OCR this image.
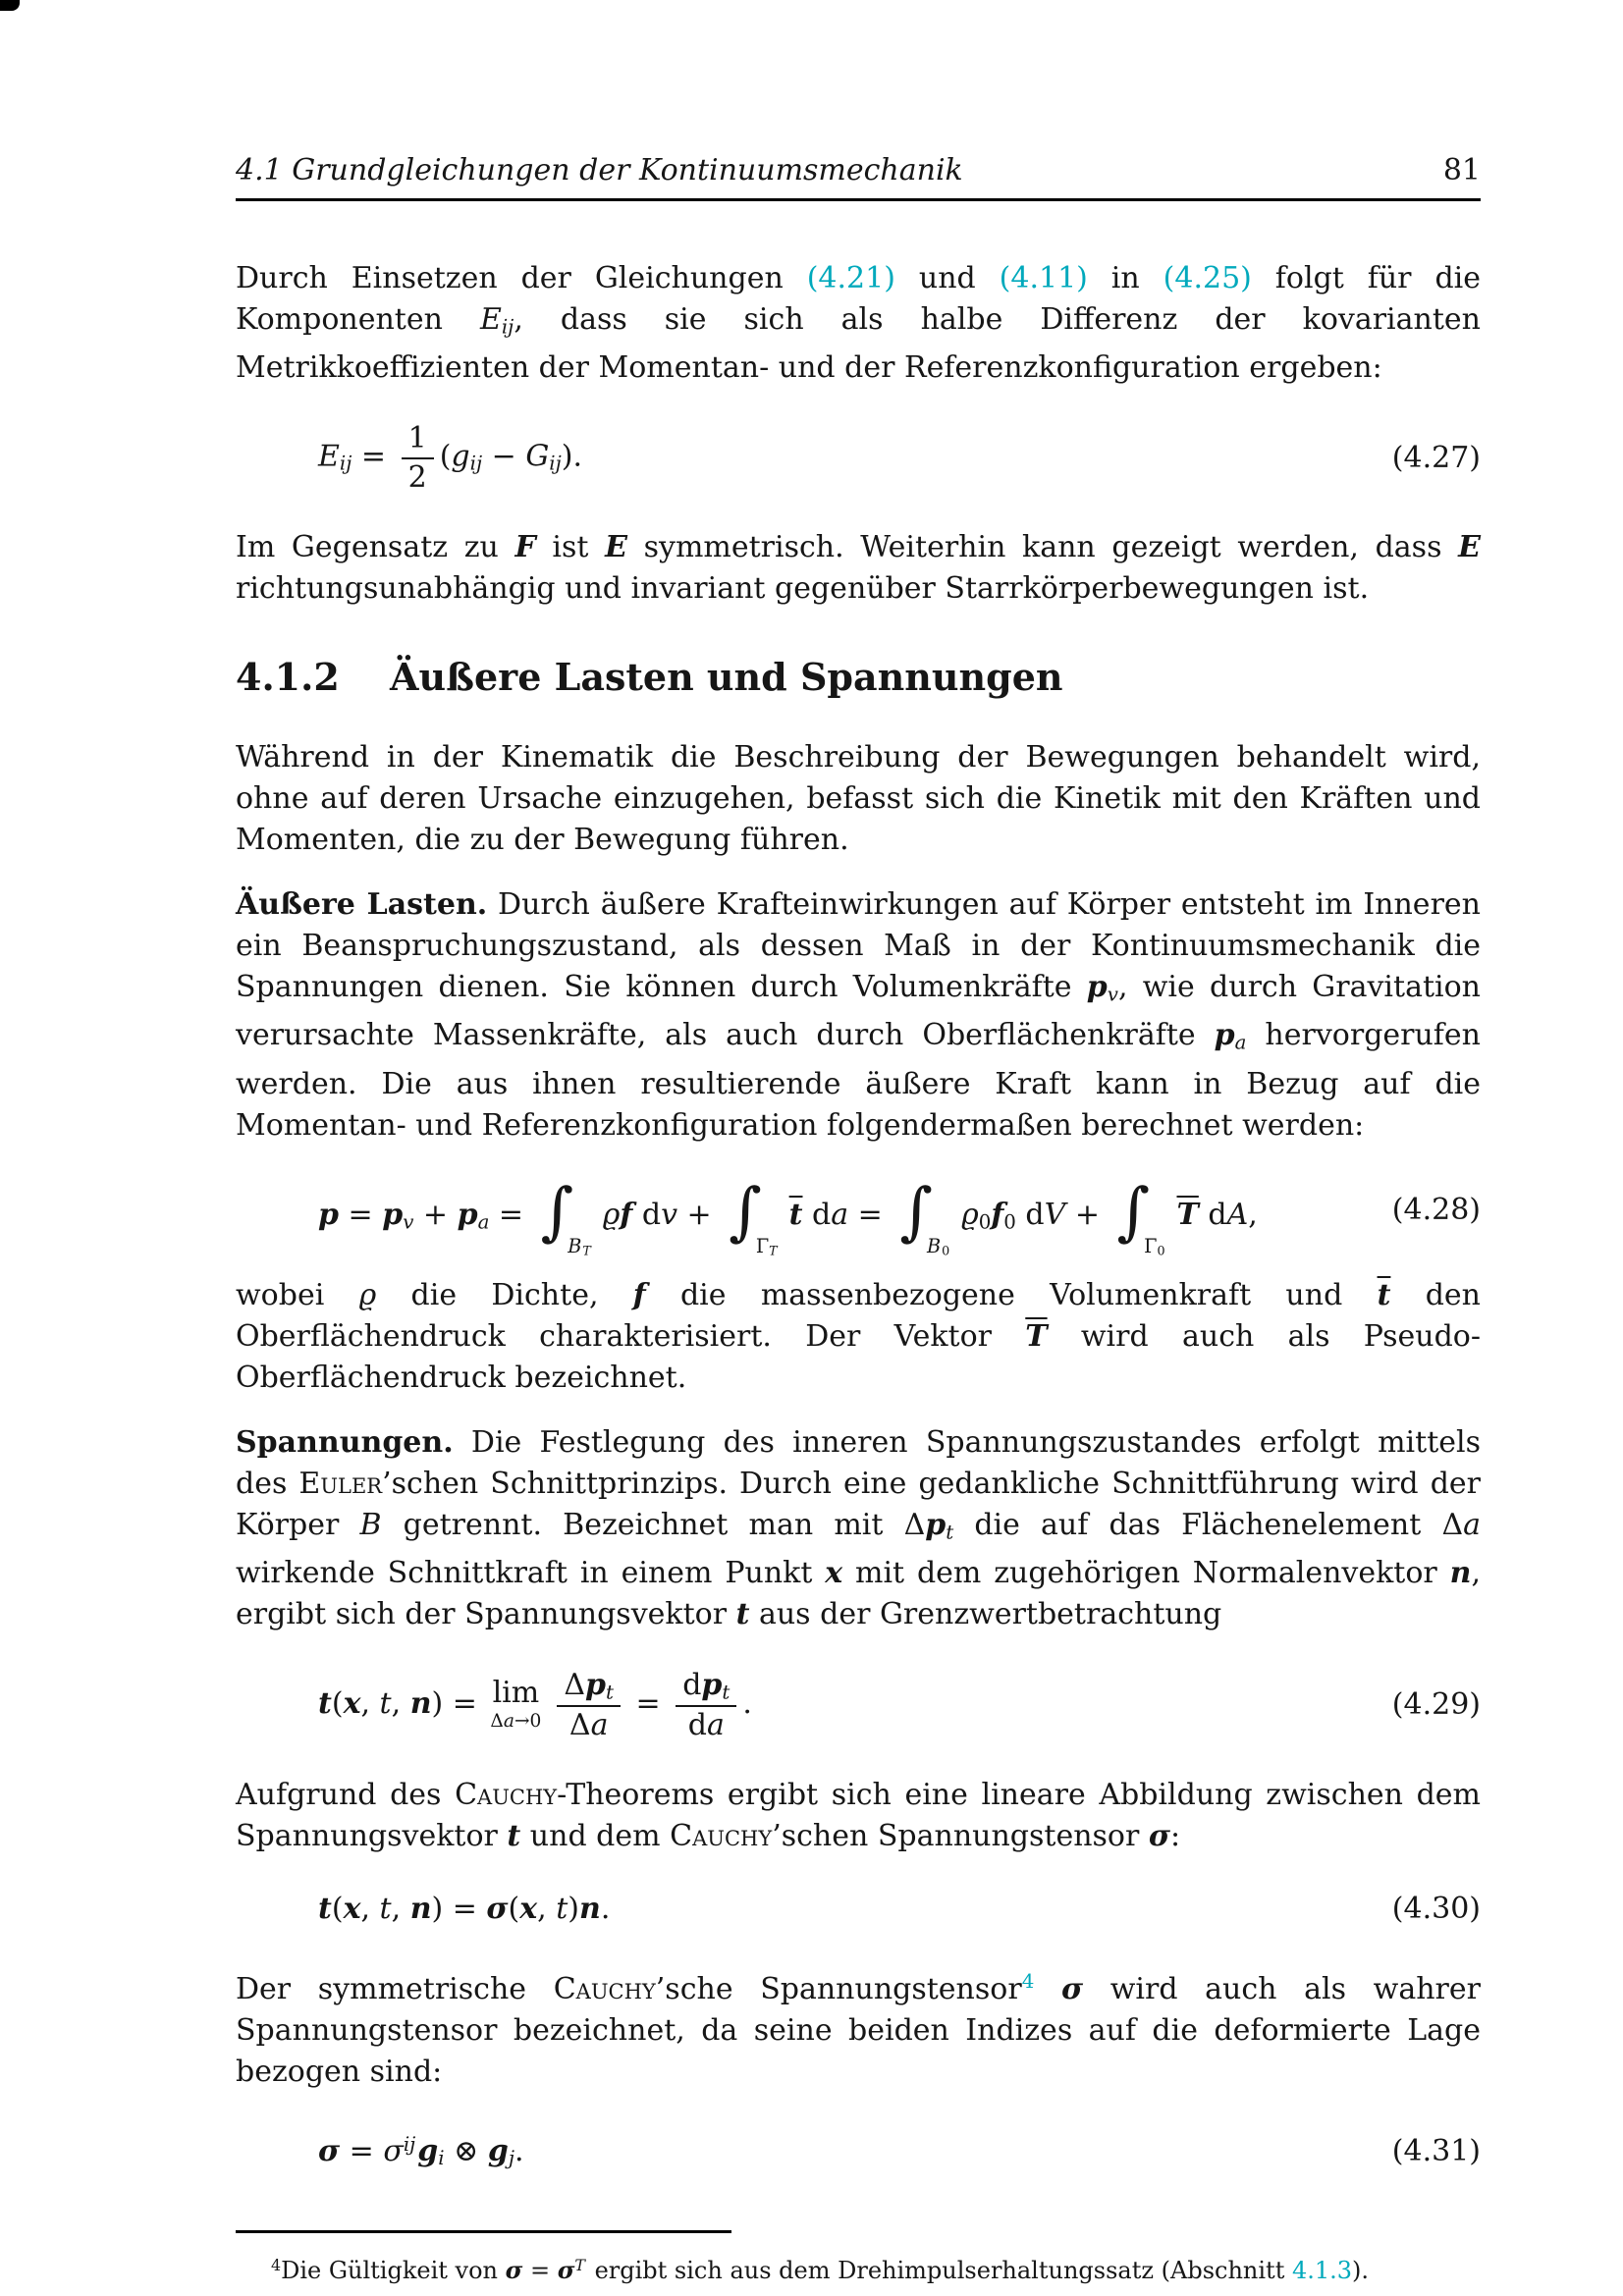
4.1 Grundgleichungen der Kontinuumsmechanik	81

Durch Einsetzen der Gleichungen (4.21) und (4.11) in (4.25) folgt für die Komponenten Eij, dass sie sich als halbe Differenz der kovarianten Metrikkoeffizienten der Momentan- und der Referenzkonfiguration ergeben:

Eij = $\frac{1}{2} (gij - Gij)$.	(4.27)

Im Gegensatz zu F ist E symmetrisch. Weiterhin kann gezeigt werden, dass E richtungsunabhängig und invariant gegenüber Starrkörperbewegungen ist.

4.1.2 Äußere Lasten und Spannungen

Während in der Kinematik die Beschreibung der Bewegungen behandelt wird, ohne auf deren Ursache einzugehen, befasst sich die Kinetik mit den Kräften und Momenten, die zu der Bewegung führen.

Äußere Lasten. Durch äußere Krafteinwirkungen auf Körper entsteht im Inneren ein Beanspruchungszustand, als dessen Maß in der Kontinuumsmechanik die Spannungen dienen. Sie können durch Volumenkräfte pv, wie durch Gravitation verursachte Massenkräfte, als auch durch Oberflächenkräfte pa hervorgerufen werden. Die aus ihnen resultierende äußere Kraft kann in Bezug auf die Momentan- und Referenzkonfiguration folgendermaßen berechnet werden:

p = pv + pa = ∫BTϱf dv + $\int\Gamma T\overline{t}$ da = ∫B0ϱ0f0 dV + $\int\Gamma 0\overline{T}$ dA,	(4.28)

wobei ϱ die Dichte, f die massenbezogene Volumenkraft und $\overline{t}$ den Oberflächendruck charakterisiert. Der Vektor $\overline{T}$ wird auch als Pseudo-Oberflächendruck bezeichnet.

Spannungen. Die Festlegung des inneren Spannungszustandes erfolgt mittels des Euler’schen Schnittprinzips. Durch eine gedankliche Schnittführung wird der Körper B getrennt. Bezeichnet man mit Δpt die auf das Flächenelement Δa wirkende Schnittkraft in einem Punkt x mit dem zugehörigen Normalenvektor n, ergibt sich der Spannungsvektor t aus der Grenzwertbetrachtung

t(x, t, n) = lim
$\Delta a\to 0 \frac{\text{Δpt}}{\Delta a} = \frac{\text{dpt}}{da}$ .	(4.29)

Aufgrund des Cauchy-Theorems ergibt sich eine lineare Abbildung zwischen dem Spannungsvektor t und dem Cauchy’schen Spannungstensor σ:

t(x, t, n) = σ(x, t)n.	(4.30)

Der symmetrische Cauchy’sche Spannungstensor$^4$ σ wird auch als wahrer Spannungstensor bezeichnet, da seine beiden Indizes auf die deformierte Lage bezogen sind:

$\sigma = \sigma^{ij}gi$ ⊗ gj.	(4.31)

$^4$Die Gültigkeit von $\sigma = \sigma^T$ ergibt sich aus dem Drehimpulserhaltungssatz (Abschnitt 4.1.3).
